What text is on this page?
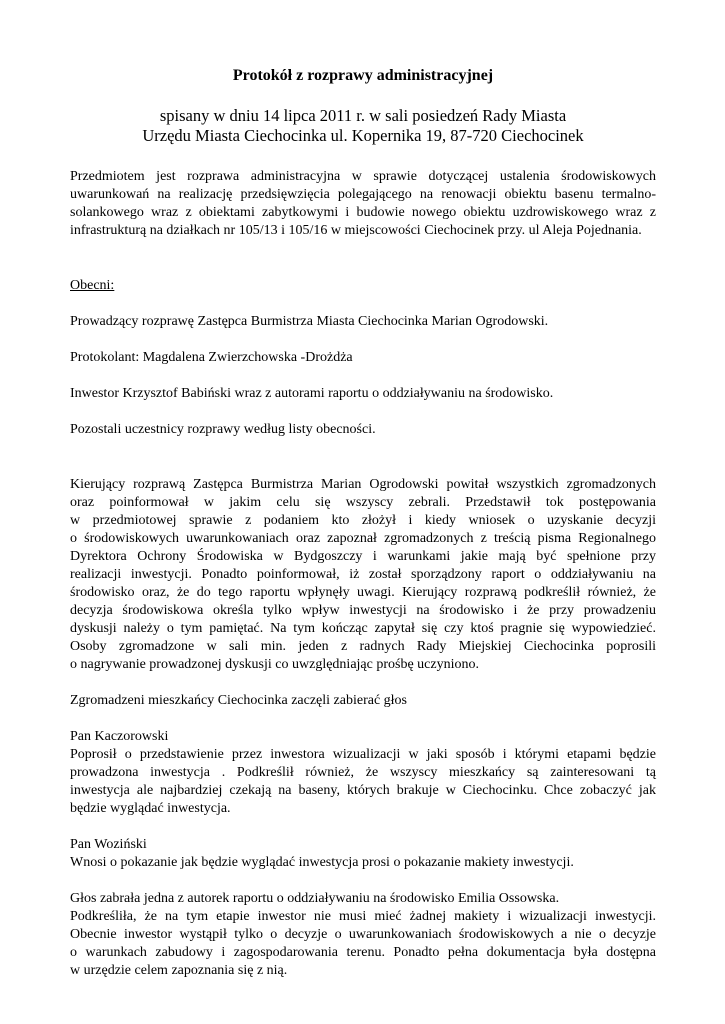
Protokół z rozprawy administracyjnej
spisany w dniu 14 lipca 2011 r. w sali posiedzeń Rady Miasta
Urzędu Miasta Ciechocinka ul. Kopernika 19, 87-720 Ciechocinek

Przedmiotem jest rozprawa administracyjna w sprawie dotyczącej ustalenia środowiskowych uwarunkowań na realizację przedsięwzięcia polegającego na renowacji obiektu basenu termalno-solankowego wraz z obiektami zabytkowymi i budowie nowego obiektu uzdrowiskowego wraz z infrastrukturą na działkach nr 105/13 i 105/16 w miejscowości Ciechocinek przy. ul Aleja Pojednania.

Obecni:

Prowadzący rozprawę Zastępca Burmistrza Miasta Ciechocinka Marian Ogrodowski.

Protokolant: Magdalena Zwierzchowska -Drożdża

Inwestor Krzysztof Babiński wraz z autorami raportu o oddziaływaniu na środowisko.

Pozostali uczestnicy rozprawy według listy obecności.

Kierujący rozprawą Zastępca Burmistrza Marian Ogrodowski powitał wszystkich zgromadzonych
oraz poinformował w jakim celu się wszyscy zebrali. Przedstawił tok postępowania
w przedmiotowej sprawie z podaniem kto złożył i kiedy wniosek o uzyskanie decyzji
o środowiskowych uwarunkowaniach oraz zapoznał zgromadzonych z treścią pisma Regionalnego
Dyrektora Ochrony Środowiska w Bydgoszczy i warunkami jakie mają być spełnione przy
realizacji inwestycji. Ponadto poinformował, iż został sporządzony raport o oddziaływaniu na
środowisko oraz, że do tego raportu wpłynęły uwagi. Kierujący rozprawą podkreślił również, że
decyzja środowiskowa określa tylko wpływ inwestycji na środowisko i że przy prowadzeniu
dyskusji należy o tym pamiętać. Na tym kończąc zapytał się czy ktoś pragnie się wypowiedzieć.
Osoby zgromadzone w sali min. jeden z radnych Rady Miejskiej Ciechocinka poprosili
o nagrywanie prowadzonej dyskusji co uwzględniając prośbę uczyniono.

Zgromadzeni mieszkańcy Ciechocinka zaczęli zabierać głos

Pan Kaczorowski

Poprosił o przedstawienie przez inwestora wizualizacji w jaki sposób i którymi etapami będzie
prowadzona inwestycja . Podkreślił również, że wszyscy mieszkańcy są zainteresowani tą
inwestycja ale najbardziej czekają na baseny, których brakuje w Ciechocinku. Chce zobaczyć jak
będzie wyglądać inwestycja.

Pan Woziński

Wnosi o pokazanie jak będzie wyglądać inwestycja prosi o pokazanie makiety inwestycji.

Głos zabrała jedna z autorek raportu o oddziaływaniu na środowisko Emilia Ossowska.

Podkreśliła, że na tym etapie inwestor nie musi mieć żadnej makiety i wizualizacji inwestycji.
Obecnie inwestor wystąpił tylko o decyzje o uwarunkowaniach środowiskowych a nie o decyzje
o warunkach zabudowy i zagospodarowania terenu. Ponadto pełna dokumentacja była dostępna
w urzędzie celem zapoznania się z nią.
